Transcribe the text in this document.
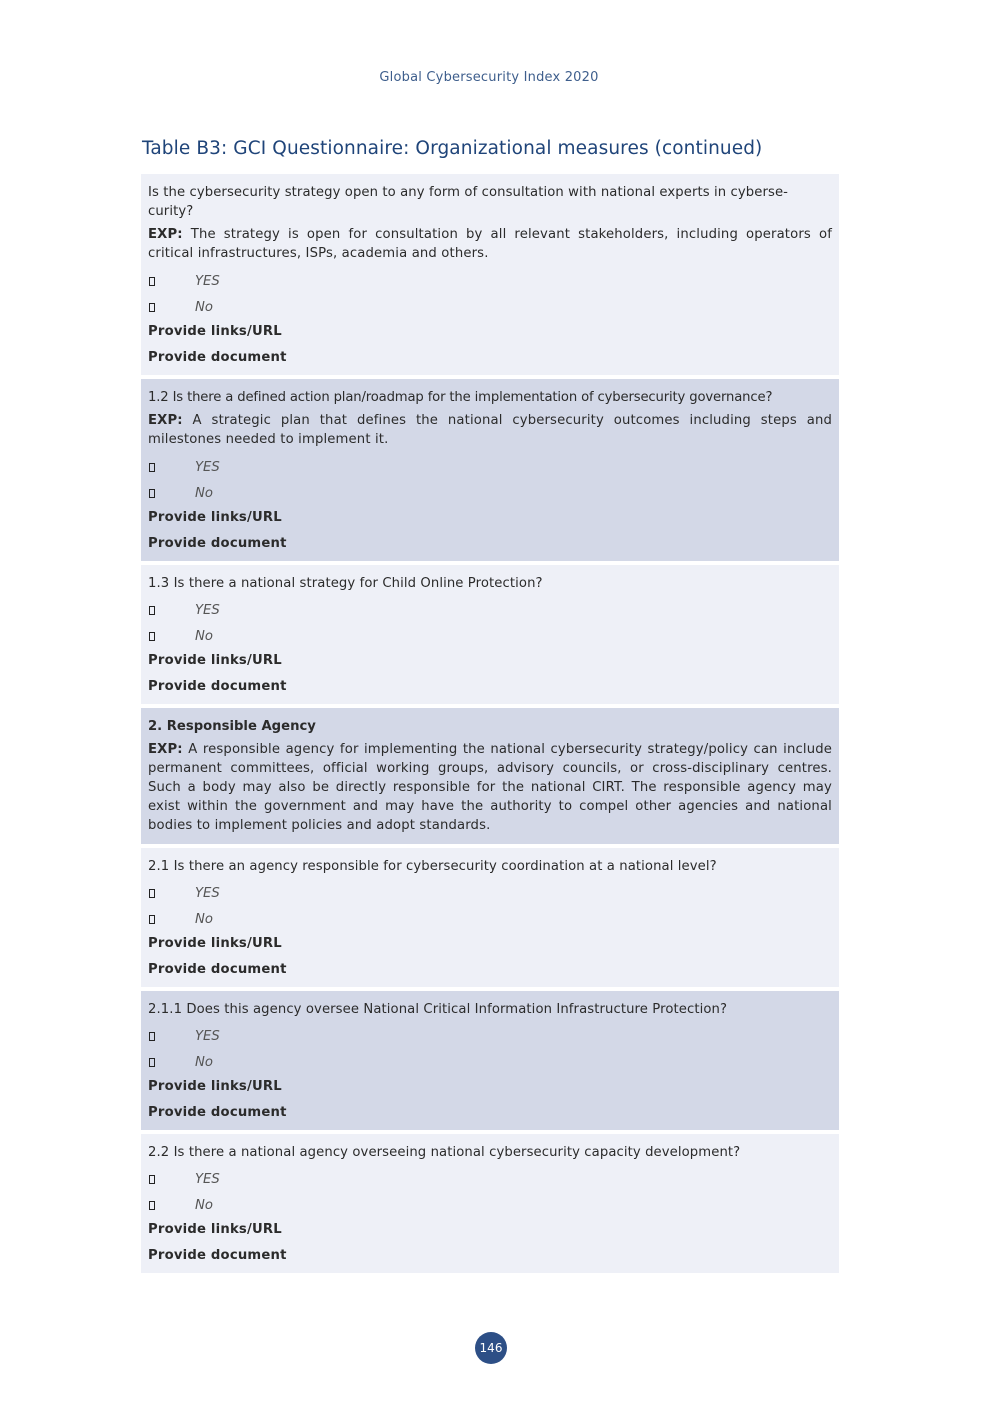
Global Cybersecurity Index 2020
Table B3: GCI Questionnaire: Organizational measures (continued)
Is the cybersecurity strategy open to any form of consultation with national experts in cyberse-curity?
EXP: The strategy is open for consultation by all relevant stakeholders, including operators of critical infrastructures, ISPs, academia and others.
YES
No
Provide links/URL
Provide document
1.2 Is there a defined action plan/roadmap for the implementation of cybersecurity governance?
EXP: A strategic plan that defines the national cybersecurity outcomes including steps and milestones needed to implement it.
YES
No
Provide links/URL
Provide document
1.3 Is there a national strategy for Child Online Protection?
YES
No
Provide links/URL
Provide document
2. Responsible Agency
EXP: A responsible agency for implementing the national cybersecurity strategy/policy can include permanent committees, official working groups, advisory councils, or cross-disciplinary centres. Such a body may also be directly responsible for the national CIRT. The responsible agency may exist within the government and may have the authority to compel other agencies and national bodies to implement policies and adopt standards.
2.1 Is there an agency responsible for cybersecurity coordination at a national level?
YES
No
Provide links/URL
Provide document
2.1.1 Does this agency oversee National Critical Information Infrastructure Protection?
YES
No
Provide links/URL
Provide document
2.2 Is there a national agency overseeing national cybersecurity capacity development?
YES
No
Provide links/URL
Provide document
146
